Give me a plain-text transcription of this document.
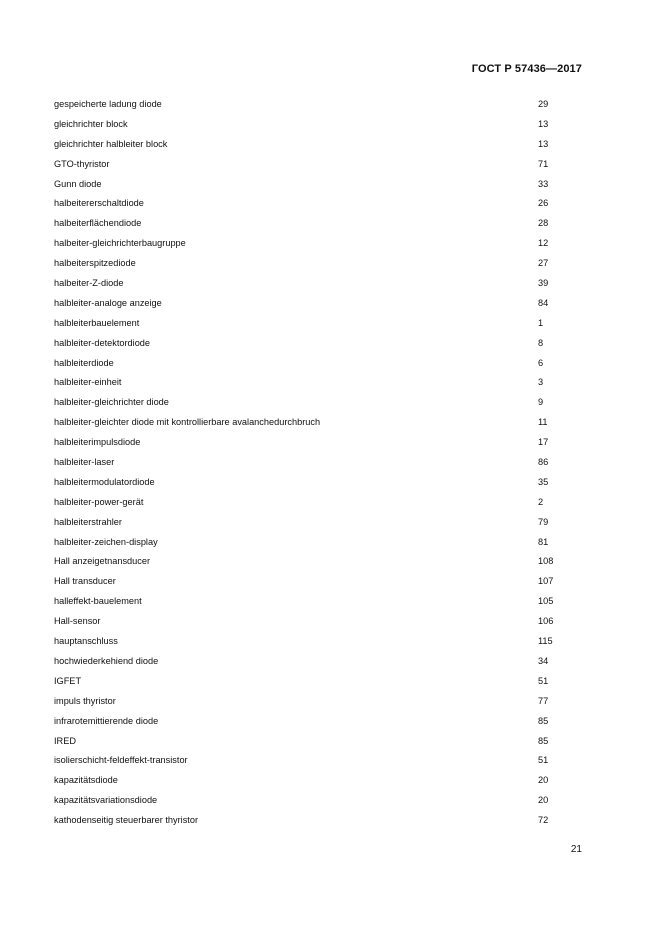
ГОСТ Р 57436—2017
gespeicherte ladung diode	29
gleichrichter block	13
gleichrichter halbleiter block	13
GTO-thyristor	71
Gunn diode	33
halbeitererschaltdiode	26
halbeiterflächendiode	28
halbeiter-gleichrichterbaugruppe	12
halbeiterspitzediode	27
halbeiter-Z-diode	39
halbleiter-analoge anzeige	84
halbleiterbauelement	1
halbleiter-detektordiode	8
halbleiterdiode	6
halbleiter-einheit	3
halbleiter-gleichrichter diode	9
halbleiter-gleichter diode mit kontrollierbare avalanchedurchbruch	11
halbleiterimpulsdiode	17
halbleiter-laser	86
halbleitermodulatordiode	35
halbleiter-power-gerät	2
halbleiterstrahler	79
halbleiter-zeichen-display	81
Hall anzeigetnansducer	108
Hall transducer	107
halleffekt-bauelement	105
Hall-sensor	106
hauptanschluss	115
hochwiederkehiend diode	34
IGFET	51
impuls thyristor	77
infrarotemittierende diode	85
IRED	85
isolierschicht-feldeffekt-transistor	51
kapazitätsdiode	20
kapazitätsvariationsdiode	20
kathodenseitig steuerbarer thyristor	72
21
